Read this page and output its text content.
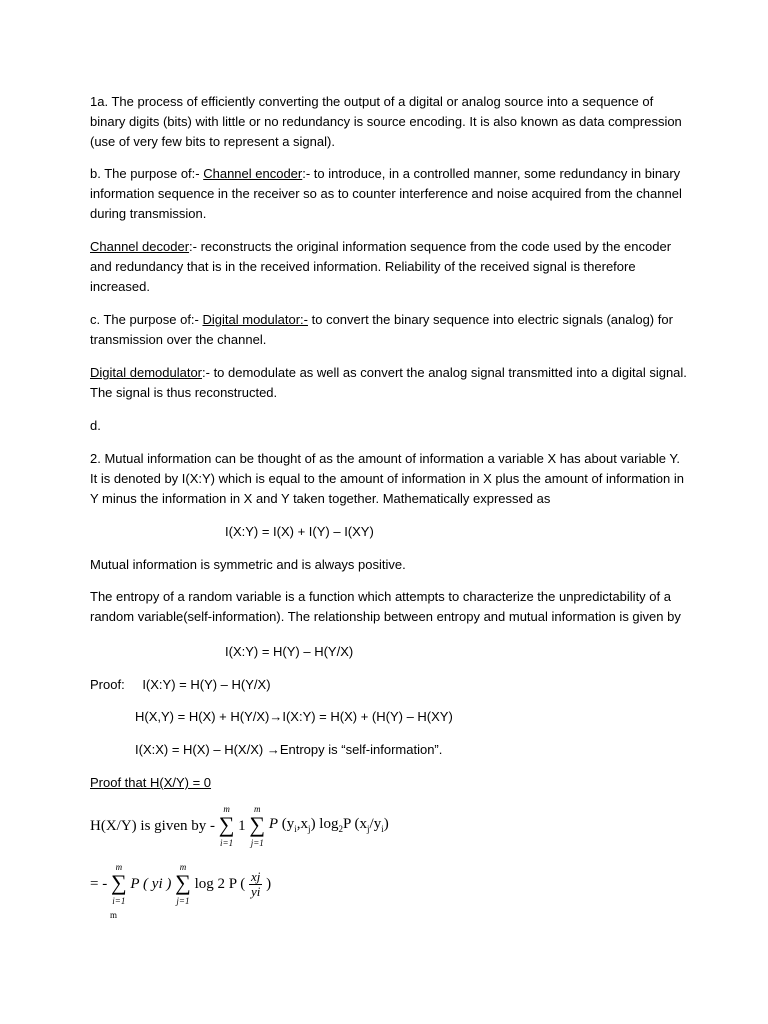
1a. The process of efficiently converting the output of a digital or analog source into a sequence of binary digits (bits) with little or no redundancy is source encoding. It is also known as data compression (use of very few bits to represent a signal).

b. The purpose of:- Channel encoder:- to introduce, in a controlled manner, some redundancy in binary information sequence in the receiver so as to counter interference and noise acquired from the channel during transmission.

Channel decoder:- reconstructs the original information sequence from the code used by the encoder and redundancy that is in the received information. Reliability of the received signal is therefore increased.

c. The purpose of:- Digital modulator:- to convert the binary sequence into electric signals (analog) for transmission over the channel.

Digital demodulator:- to demodulate as well as convert the analog signal transmitted into a digital signal. The signal is thus reconstructed.

d.

2. Mutual information can be thought of as the amount of information a variable X has about variable Y. It is denoted by I(X:Y) which is equal to the amount of information in X plus the amount of information in Y minus the information in X and Y taken together. Mathematically expressed as

I(X:Y) = I(X) + I(Y) – I(XY)

Mutual information is symmetric and is always positive.

The entropy of a random variable is a function which attempts to characterize the unpredictability of a random variable(self-information). The relationship between entropy and mutual information is given by

I(X:Y) = H(Y) – H(Y/X)
Proof: I(X:Y) = H(Y) – H(Y/X)
H(X,Y) = H(X) + H(Y/X)→I(X:Y) = H(X) + (H(Y) – H(XY)
I(X:X) = H(X) – H(X/X) →Entropy is “self-information”.
Proof that H(X/Y) = 0
H(X/Y) is given by -
m
∑
i=1
1
m
∑
j=1
P $(y_i,x_j)$ $\log_2P$ $(x_j/y_i)$
= -
m
∑
i=1
P ( yi )
m
∑
j=1
log 2 P ( $\frac{xj}{yi}$ )
m
